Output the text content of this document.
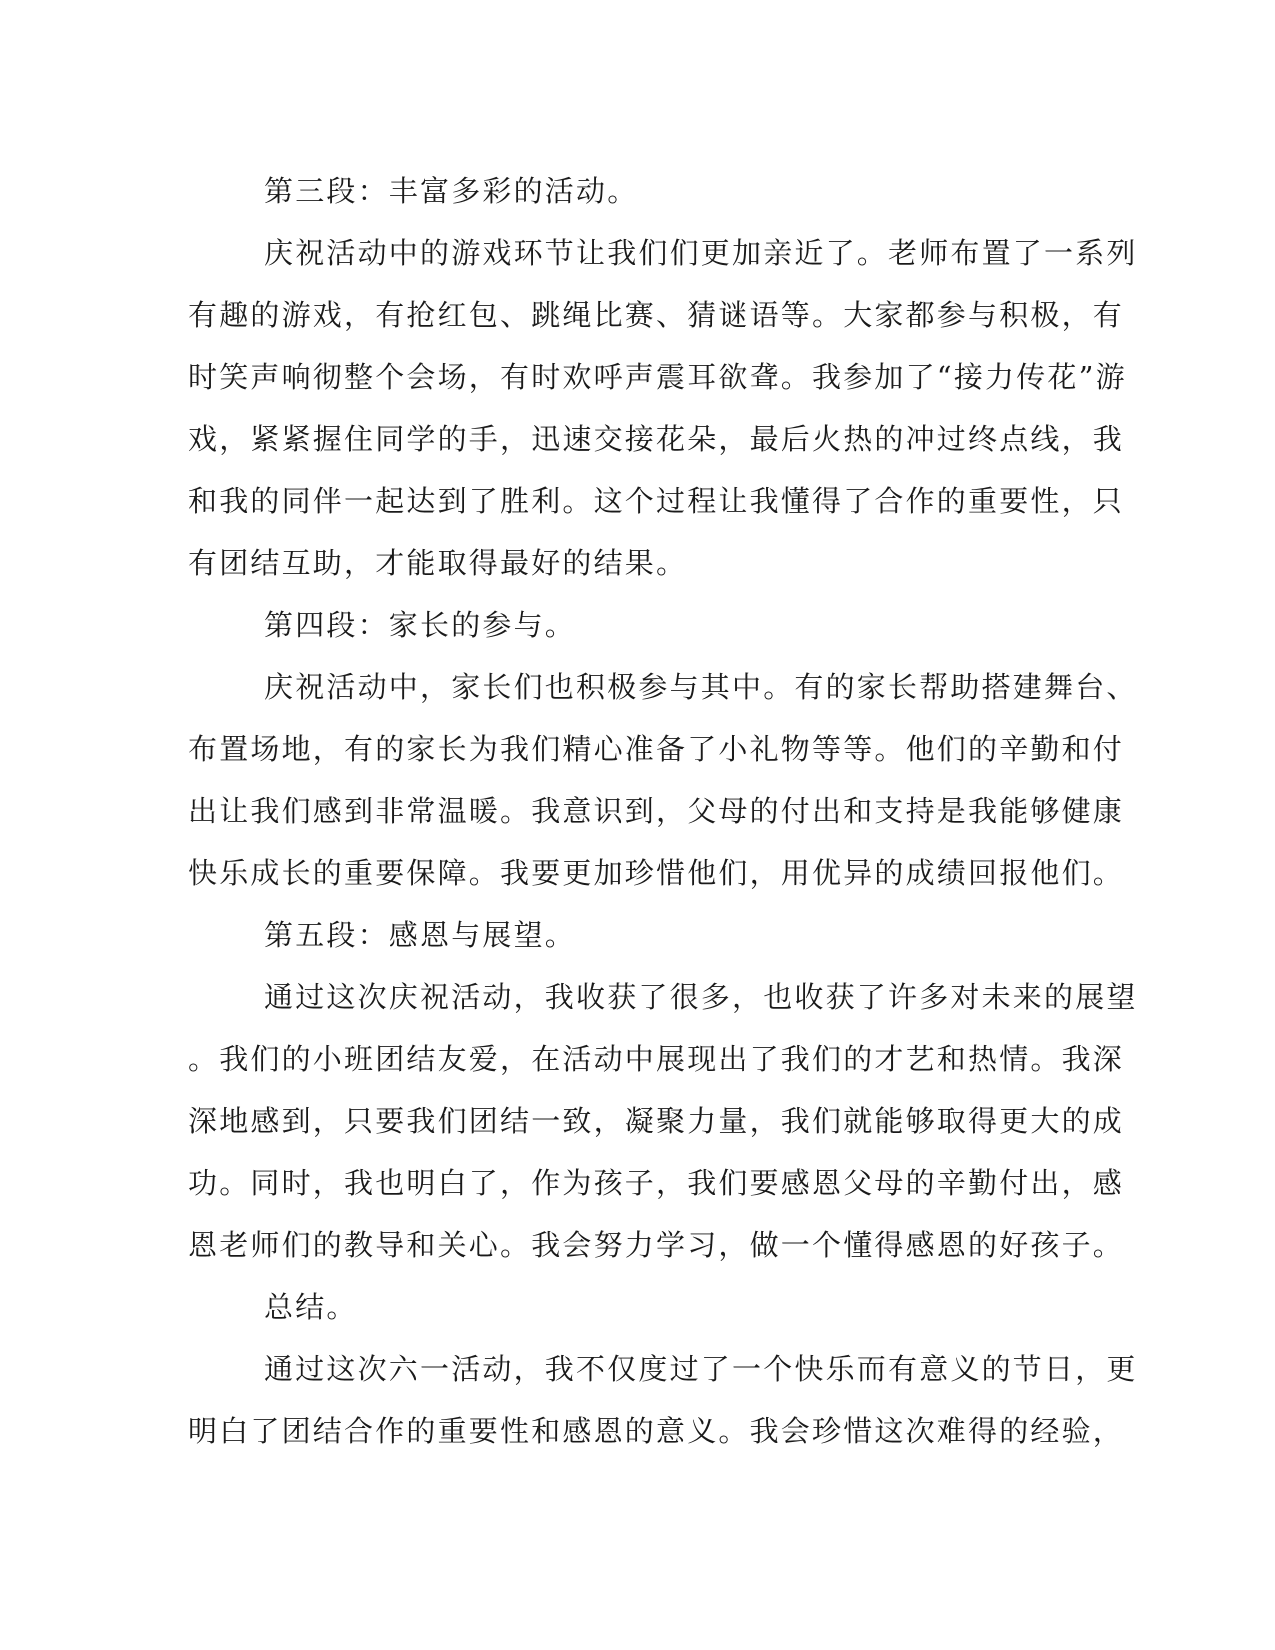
第三段：丰富多彩的活动。
庆祝活动中的游戏环节让我们们更加亲近了。老师布置了一系列
有趣的游戏，有抢红包、跳绳比赛、猜谜语等。大家都参与积极，有
时笑声响彻整个会场，有时欢呼声震耳欲聋。我参加了“接力传花”游
戏，紧紧握住同学的手，迅速交接花朵，最后火热的冲过终点线，我
和我的同伴一起达到了胜利。这个过程让我懂得了合作的重要性，只
有团结互助，才能取得最好的结果。
第四段：家长的参与。
庆祝活动中，家长们也积极参与其中。有的家长帮助搭建舞台、
布置场地，有的家长为我们精心准备了小礼物等等。他们的辛勤和付
出让我们感到非常温暖。我意识到，父母的付出和支持是我能够健康
快乐成长的重要保障。我要更加珍惜他们，用优异的成绩回报他们。
第五段：感恩与展望。
通过这次庆祝活动，我收获了很多，也收获了许多对未来的展望
。我们的小班团结友爱，在活动中展现出了我们的才艺和热情。我深
深地感到，只要我们团结一致，凝聚力量，我们就能够取得更大的成
功。同时，我也明白了，作为孩子，我们要感恩父母的辛勤付出，感
恩老师们的教导和关心。我会努力学习，做一个懂得感恩的好孩子。
总结。
通过这次六一活动，我不仅度过了一个快乐而有意义的节日，更
明白了团结合作的重要性和感恩的意义。我会珍惜这次难得的经验，
